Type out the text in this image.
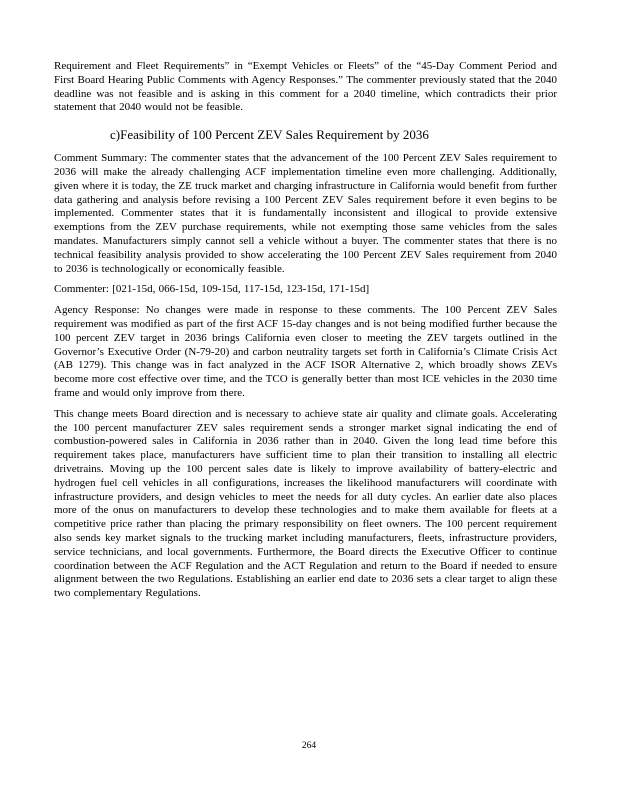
Requirement and Fleet Requirements” in “Exempt Vehicles or Fleets” of the “45-Day Comment Period and First Board Hearing Public Comments with Agency Responses.” The commenter previously stated that the 2040 deadline was not feasible and is asking in this comment for a 2040 timeline, which contradicts their prior statement that 2040 would not be feasible.

c)Feasibility of 100 Percent ZEV Sales Requirement by 2036

Comment Summary: The commenter states that the advancement of the 100 Percent ZEV Sales requirement to 2036 will make the already challenging ACF implementation timeline even more challenging. Additionally, given where it is today, the ZE truck market and charging infrastructure in California would benefit from further data gathering and analysis before revising a 100 Percent ZEV Sales requirement before it even begins to be implemented. Commenter states that it is fundamentally inconsistent and illogical to provide extensive exemptions from the ZEV purchase requirements, while not exempting those same vehicles from the sales mandates. Manufacturers simply cannot sell a vehicle without a buyer. The commenter states that there is no technical feasibility analysis provided to show accelerating the 100 Percent ZEV Sales requirement from 2040 to 2036 is technologically or economically feasible.

Commenter: [021-15d, 066-15d, 109-15d, 117-15d, 123-15d, 171-15d]

Agency Response: No changes were made in response to these comments. The 100 Percent ZEV Sales requirement was modified as part of the first ACF 15-day changes and is not being modified further because the 100 percent ZEV target in 2036 brings California even closer to meeting the ZEV targets outlined in the Governor’s Executive Order (N-79-20) and carbon neutrality targets set forth in California’s Climate Crisis Act (AB 1279). This change was in fact analyzed in the ACF ISOR Alternative 2, which broadly shows ZEVs become more cost effective over time, and the TCO is generally better than most ICE vehicles in the 2030 time frame and would only improve from there.

This change meets Board direction and is necessary to achieve state air quality and climate goals. Accelerating the 100 percent manufacturer ZEV sales requirement sends a stronger market signal indicating the end of combustion-powered sales in California in 2036 rather than in 2040. Given the long lead time before this requirement takes place, manufacturers have sufficient time to plan their transition to installing all electric drivetrains. Moving up the 100 percent sales date is likely to improve availability of battery-electric and hydrogen fuel cell vehicles in all configurations, increases the likelihood manufacturers will coordinate with infrastructure providers, and design vehicles to meet the needs for all duty cycles. An earlier date also places more of the onus on manufacturers to develop these technologies and to make them available for fleets at a competitive price rather than placing the primary responsibility on fleet owners. The 100 percent requirement also sends key market signals to the trucking market including manufacturers, fleets, infrastructure providers, service technicians, and local governments. Furthermore, the Board directs the Executive Officer to continue coordination between the ACF Regulation and the ACT Regulation and return to the Board if needed to ensure alignment between the two Regulations. Establishing an earlier end date to 2036 sets a clear target to align these two complementary Regulations.

264
